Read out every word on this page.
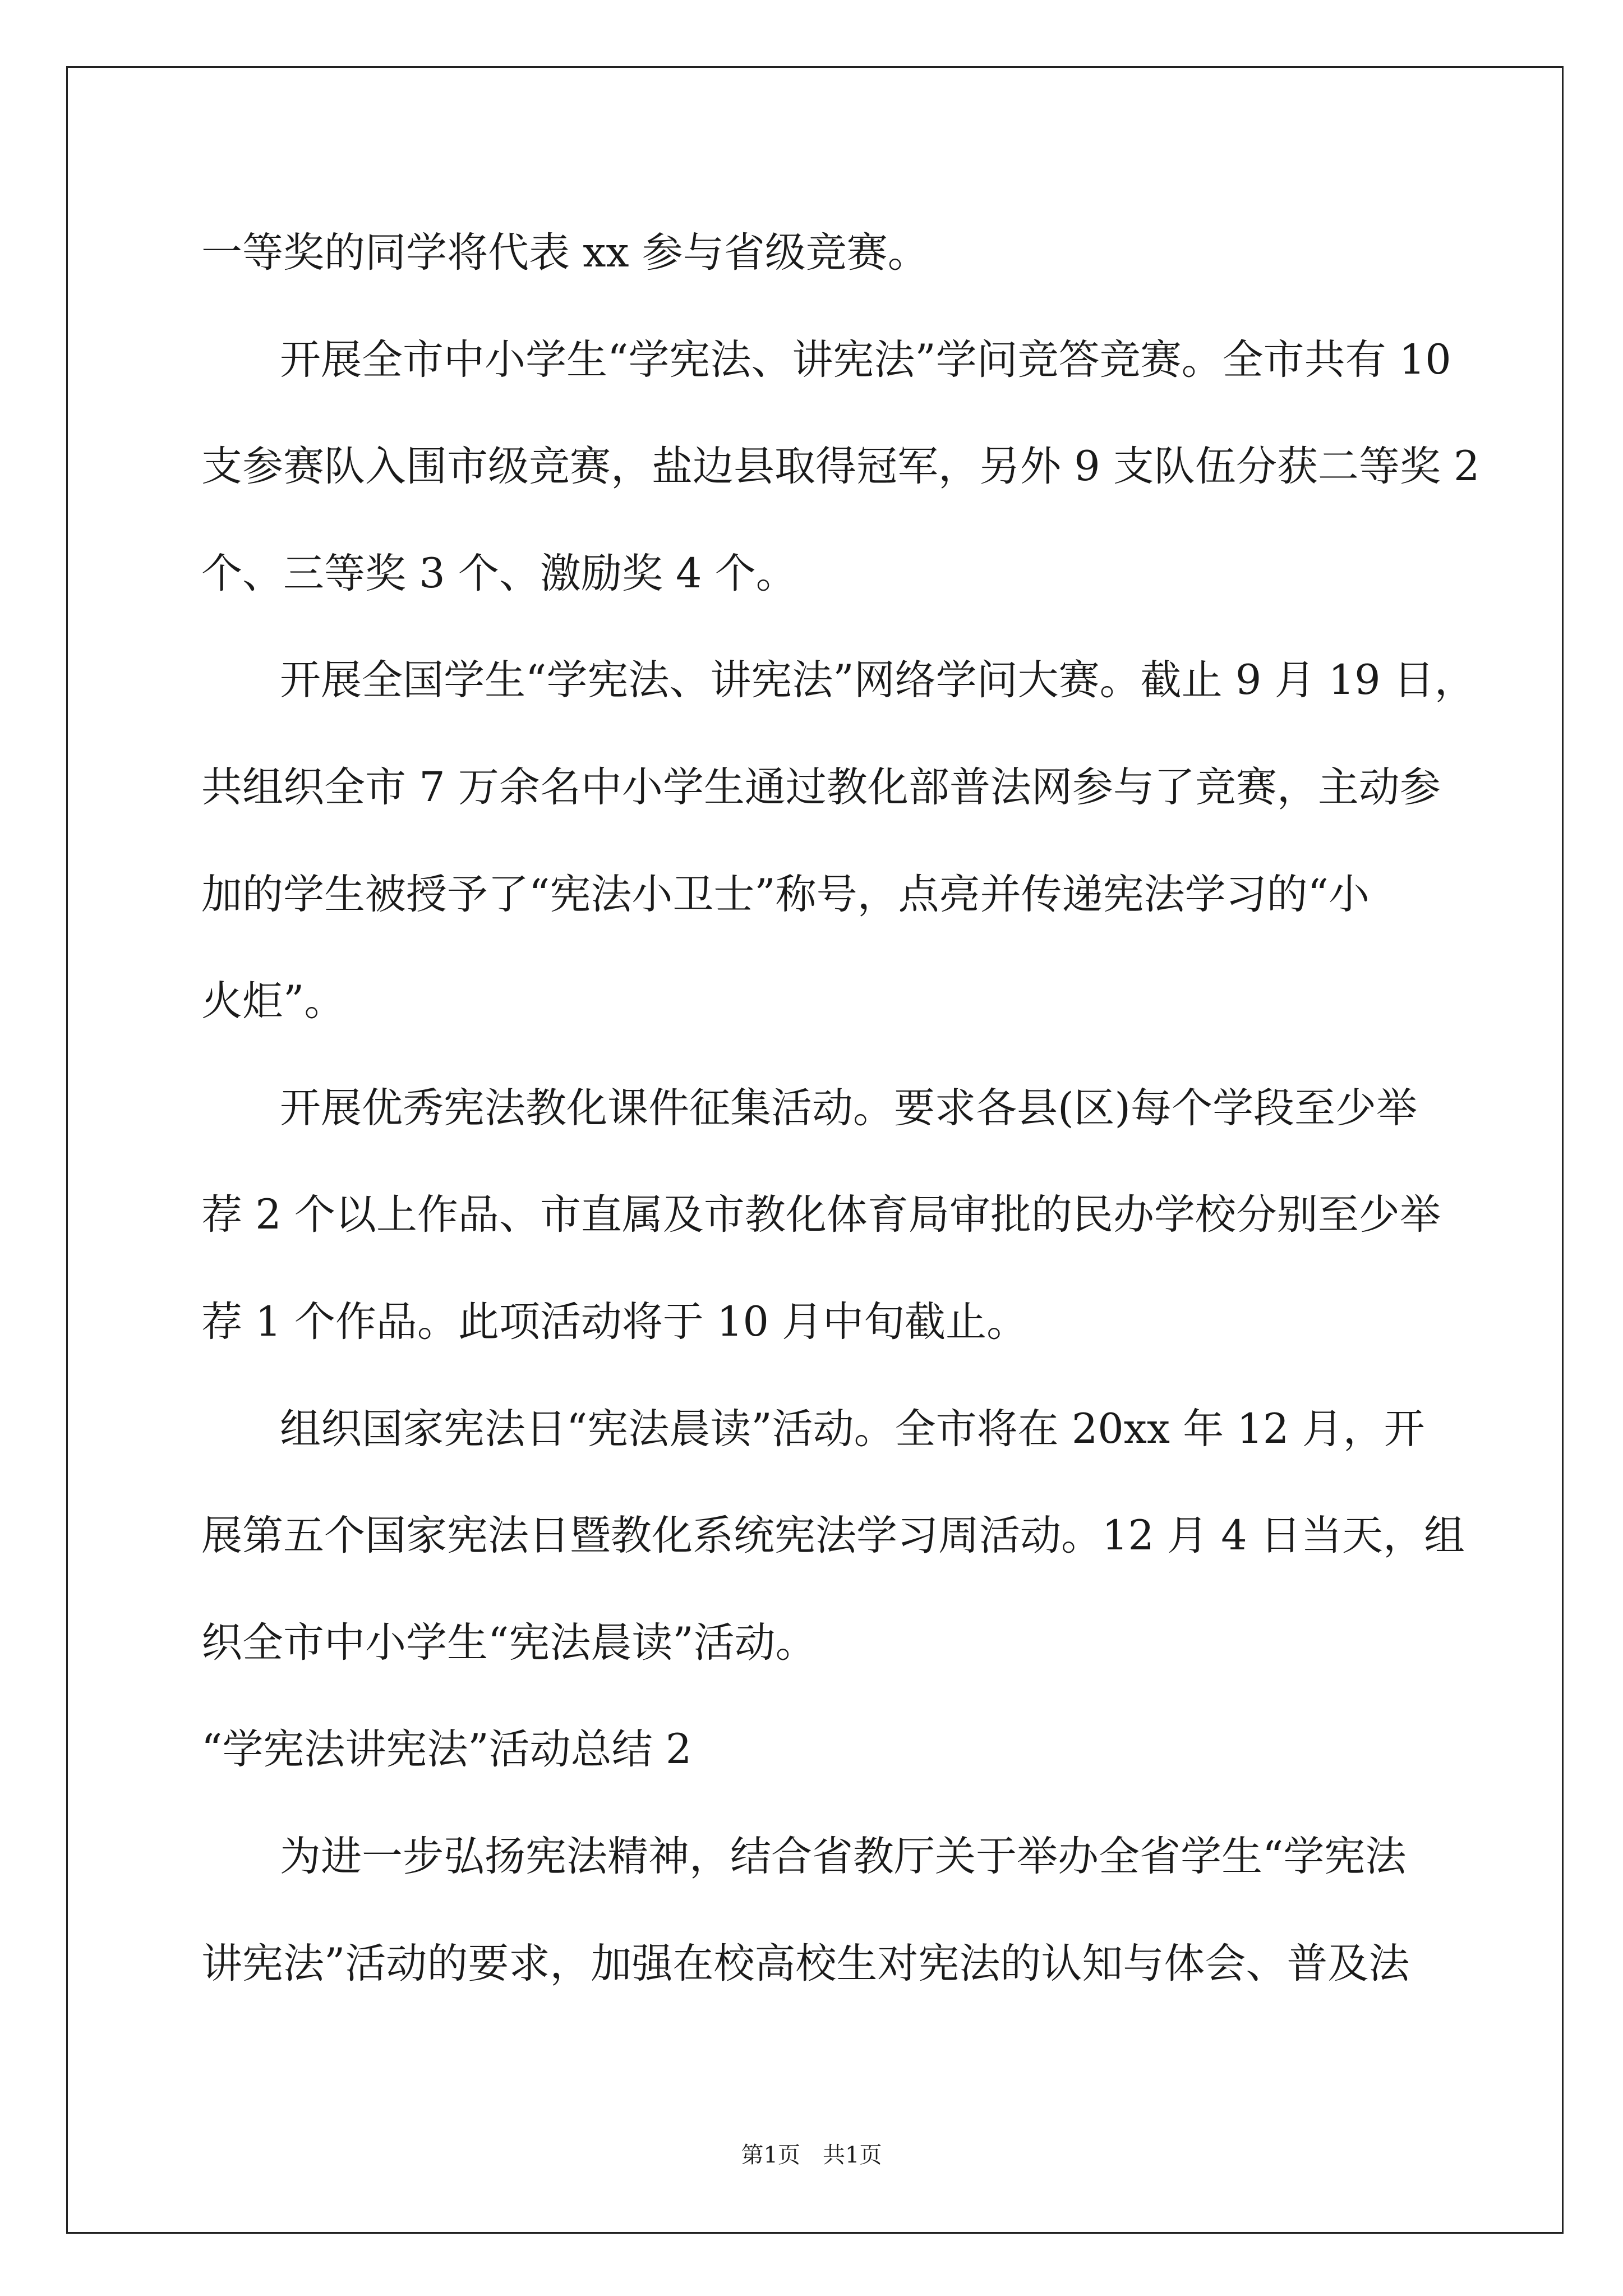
一等奖的同学将代表 xx 参与省级竞赛。
开展全市中小学生“学宪法、讲宪法”学问竞答竞赛。全市共有 10
支参赛队入围市级竞赛，盐边县取得冠军，另外 9 支队伍分获二等奖 2
个、三等奖 3 个、激励奖 4 个。
开展全国学生“学宪法、讲宪法”网络学问大赛。截止 9 月 19 日，
共组织全市 7 万余名中小学生通过教化部普法网参与了竞赛，主动参
加的学生被授予了“宪法小卫士”称号，点亮并传递宪法学习的“小
火炬”。
开展优秀宪法教化课件征集活动。要求各县(区)每个学段至少举
荐 2 个以上作品、市直属及市教化体育局审批的民办学校分别至少举
荐 1 个作品。此项活动将于 10 月中旬截止。
组织国家宪法日“宪法晨读”活动。全市将在 20xx 年 12 月，开
展第五个国家宪法日暨教化系统宪法学习周活动。12 月 4 日当天，组
织全市中小学生“宪法晨读”活动。
“学宪法讲宪法”活动总结 2
为进一步弘扬宪法精神，结合省教厅关于举办全省学生“学宪法
讲宪法”活动的要求，加强在校高校生对宪法的认知与体会、普及法
第1页 共1页
